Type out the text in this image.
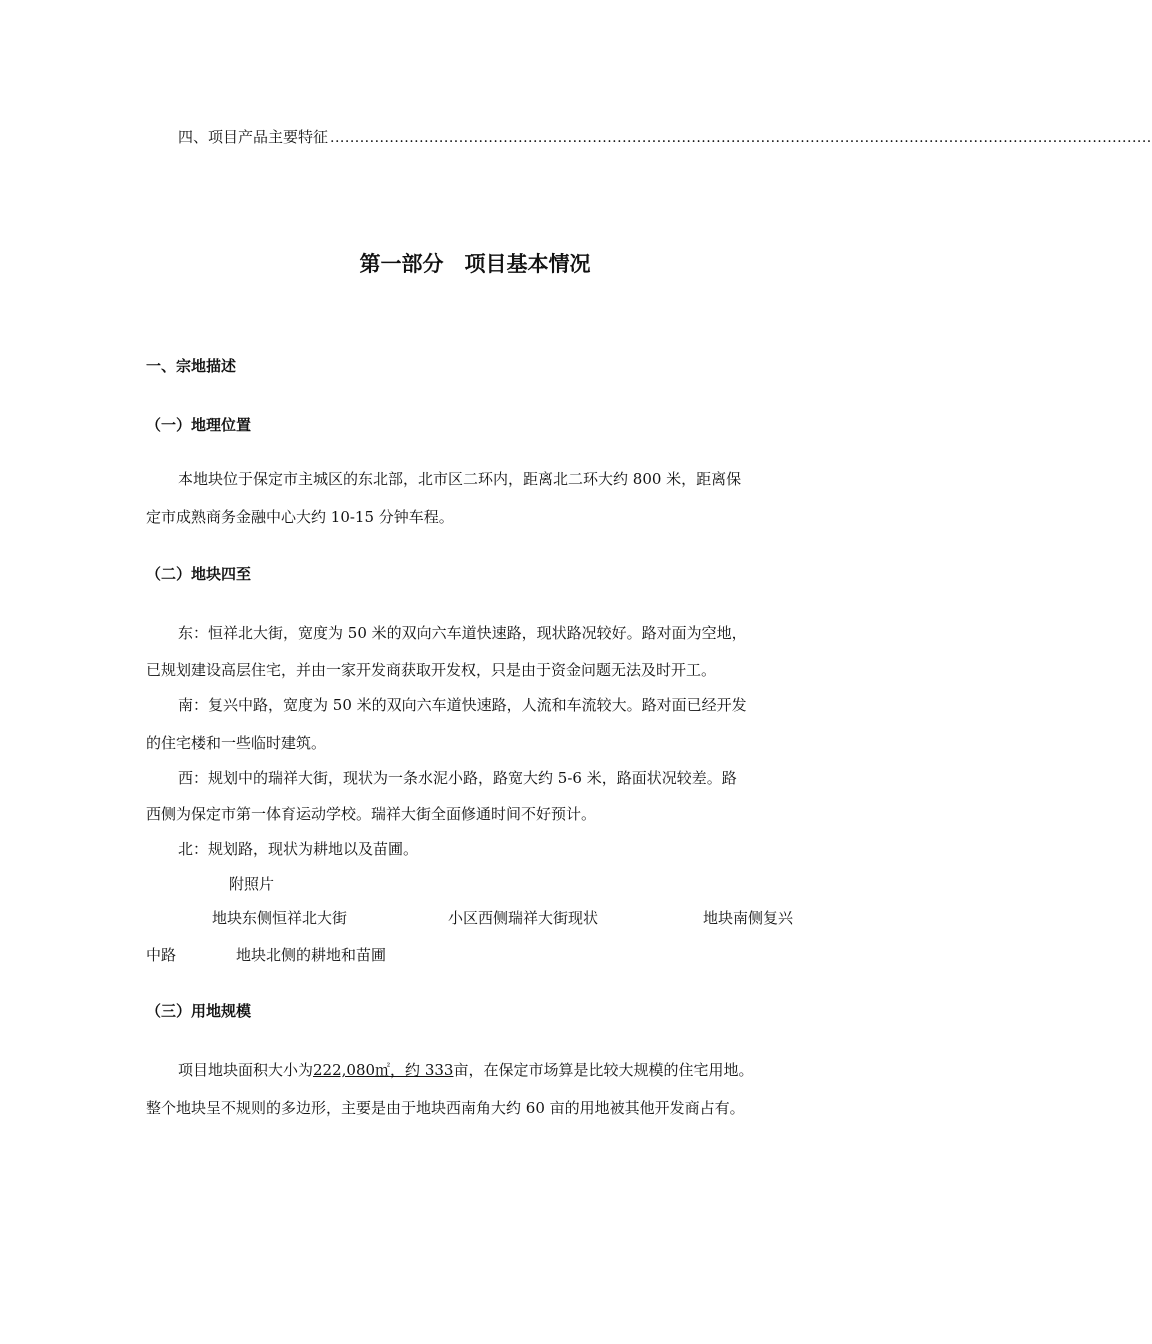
四、项目产品主要特征 ......................................................................................................................................................................
第一部分　项目基本情况
一、宗地描述
（一）地理位置
本地块位于保定市主城区的东北部，北市区二环内，距离北二环大约 800 米，距离保
定市成熟商务金融中心大约 10-15 分钟车程。
（二）地块四至
东：恒祥北大街，宽度为 50 米的双向六车道快速路，现状路况较好。路对面为空地，
已规划建设高层住宅，并由一家开发商获取开发权，只是由于资金问题无法及时开工。
南：复兴中路，宽度为 50 米的双向六车道快速路，人流和车流较大。路对面已经开发
的住宅楼和一些临时建筑。
西：规划中的瑞祥大街，现状为一条水泥小路，路宽大约 5-6 米，路面状况较差。路
西侧为保定市第一体育运动学校。瑞祥大街全面修通时间不好预计。
北：规划路，现状为耕地以及苗圃。
附照片
地块东侧恒祥北大街	小区西侧瑞祥大街现状	地块南侧复兴
中路	地块北侧的耕地和苗圃
（三）用地规模
项目地块面积大小为222,080㎡，约 333亩，在保定市场算是比较大规模的住宅用地。
整个地块呈不规则的多边形，主要是由于地块西南角大约 60 亩的用地被其他开发商占有。
